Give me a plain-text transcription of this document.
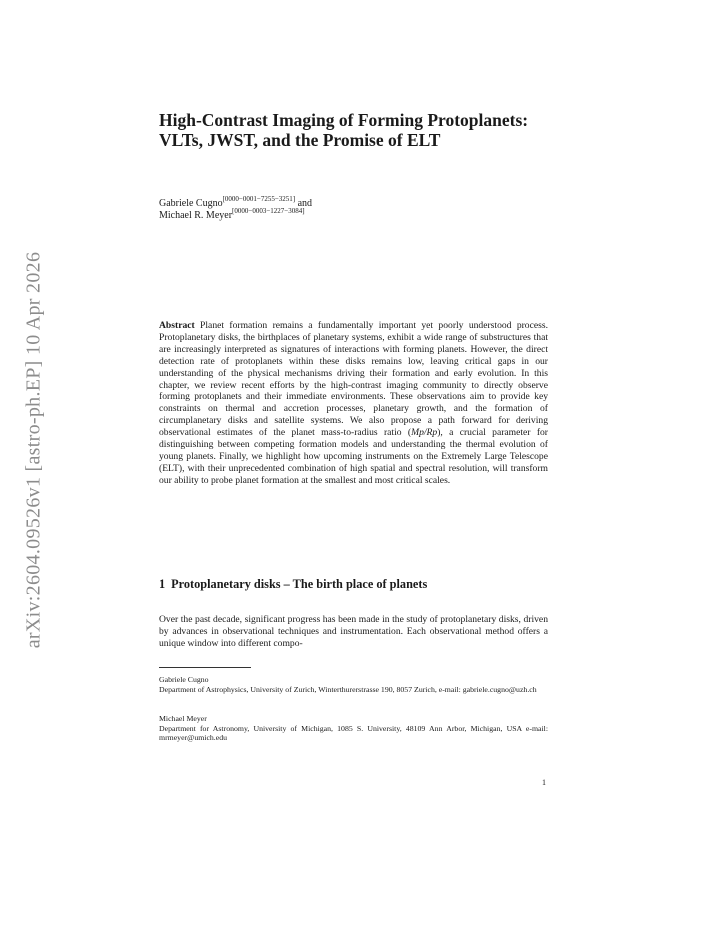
arXiv:2604.09526v1 [astro-ph.EP] 10 Apr 2026
High-Contrast Imaging of Forming Protoplanets: VLTs, JWST, and the Promise of ELT
Gabriele Cugno[0000−0001−7255−3251] and
Michael R. Meyer[0000−0003−1227−3084]
Abstract Planet formation remains a fundamentally important yet poorly understood process. Protoplanetary disks, the birthplaces of planetary systems, exhibit a wide range of substructures that are increasingly interpreted as signatures of interactions with forming planets. However, the direct detection rate of protoplanets within these disks remains low, leaving critical gaps in our understanding of the physical mechanisms driving their formation and early evolution. In this chapter, we review recent efforts by the high-contrast imaging community to directly observe forming protoplanets and their immediate environments. These observations aim to provide key constraints on thermal and accretion processes, planetary growth, and the formation of circumplanetary disks and satellite systems. We also propose a path forward for deriving observational estimates of the planet mass-to-radius ratio (Mp/Rp), a crucial parameter for distinguishing between competing formation models and understanding the thermal evolution of young planets. Finally, we highlight how upcoming instruments on the Extremely Large Telescope (ELT), with their unprecedented combination of high spatial and spectral resolution, will transform our ability to probe planet formation at the smallest and most critical scales.
1 Protoplanetary disks – The birth place of planets
Over the past decade, significant progress has been made in the study of protoplanetary disks, driven by advances in observational techniques and instrumentation. Each observational method offers a unique window into different compo-
Gabriele Cugno
Department of Astrophysics, University of Zurich, Winterthurerstrasse 190, 8057 Zurich, e-mail: gabriele.cugno@uzh.ch
Michael Meyer
Department for Astronomy, University of Michigan, 1085 S. University, 48109 Ann Arbor, Michigan, USA e-mail: mrmeyer@umich.edu
1
